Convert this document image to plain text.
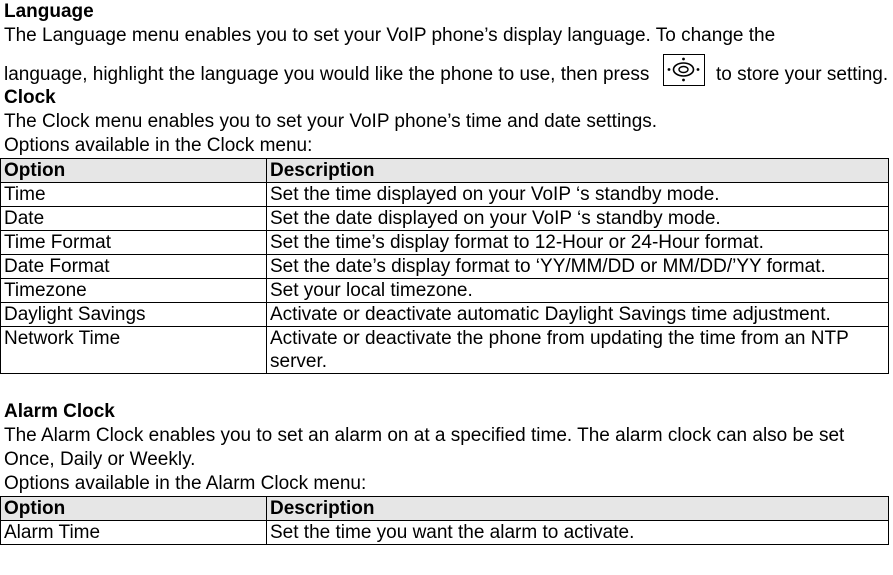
Language

The Language menu enables you to set your VoIP phone’s display language. To change the
language, highlight the language you would like the phone to use, then press	to store your setting.

Clock

The Clock menu enables you to set your VoIP phone’s time and date settings.

Options available in the Clock menu:

Option	Description
Time	Set the time displayed on your VoIP ‘s standby mode.
Date	Set the date displayed on your VoIP ‘s standby mode.
Time Format	Set the time’s display format to 12-Hour or 24-Hour format.
Date Format	Set the date’s display format to ‘YY/MM/DD or MM/DD/’YY format.
Timezone	Set your local timezone.
Daylight Savings	Activate or deactivate automatic Daylight Savings time adjustment.
Network Time	Activate or deactivate the phone from updating the time from an NTP server.

Alarm Clock

The Alarm Clock enables you to set an alarm on at a specified time. The alarm clock can also be set Once, Daily or Weekly.

Options available in the Alarm Clock menu:

Option	Description
Alarm Time	Set the time you want the alarm to activate.
